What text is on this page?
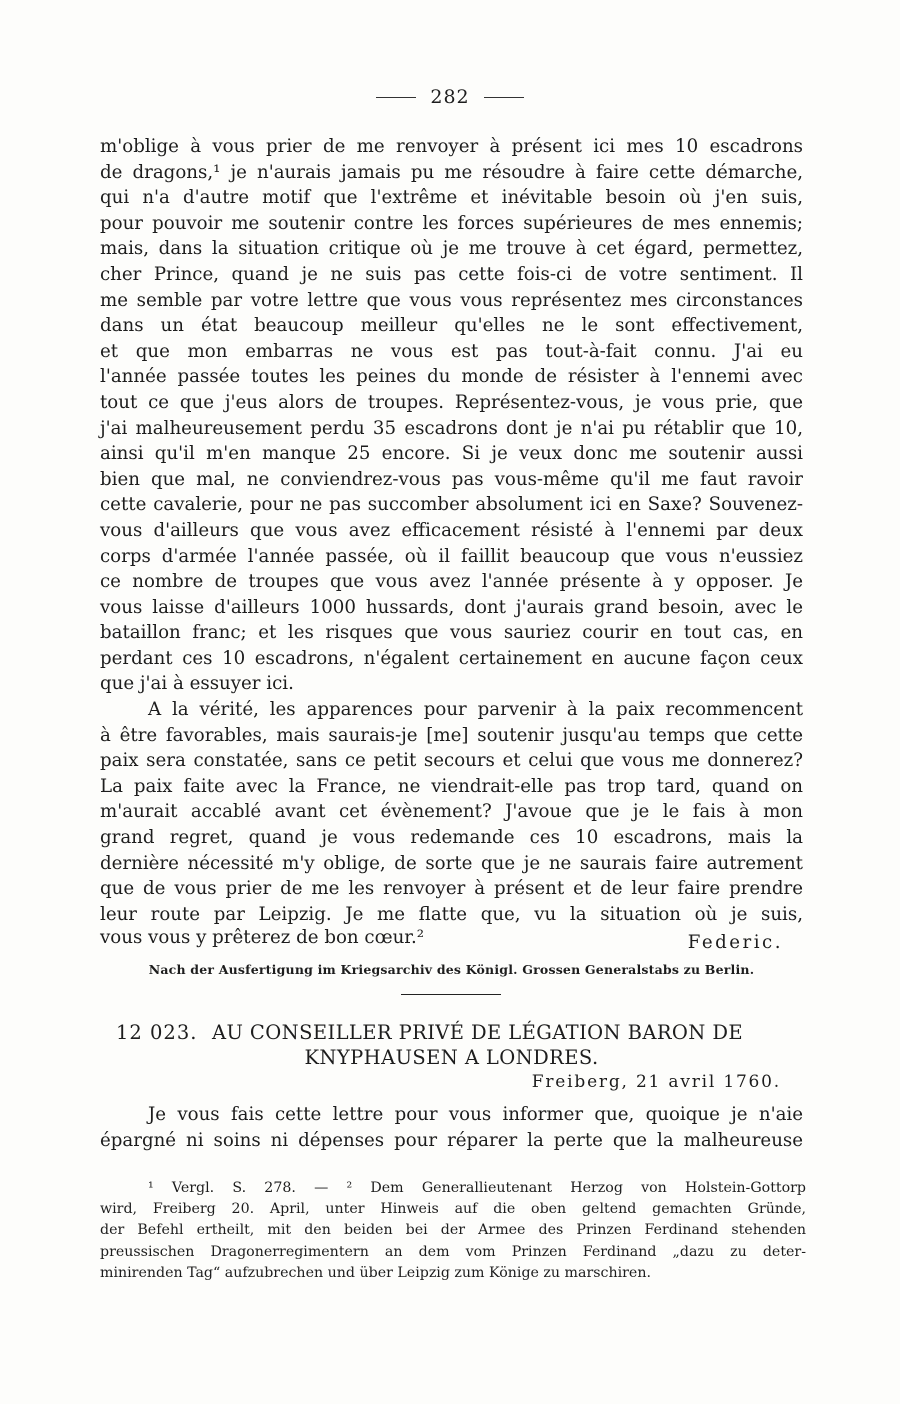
282
m'oblige à vous prier de me renvoyer à présent ici mes 10 escadrons
de dragons,¹ je n'aurais jamais pu me résoudre à faire cette démarche,
qui n'a d'autre motif que l'extrême et inévitable besoin où j'en suis,
pour pouvoir me soutenir contre les forces supérieures de mes ennemis;
mais, dans la situation critique où je me trouve à cet égard, permettez,
cher Prince, quand je ne suis pas cette fois-ci de votre sentiment. Il
me semble par votre lettre que vous vous représentez mes circonstances
dans un état beaucoup meilleur qu'elles ne le sont effectivement,
et que mon embarras ne vous est pas tout-à-fait connu. J'ai eu
l'année passée toutes les peines du monde de résister à l'ennemi avec
tout ce que j'eus alors de troupes. Représentez-vous, je vous prie, que
j'ai malheureusement perdu 35 escadrons dont je n'ai pu rétablir que 10,
ainsi qu'il m'en manque 25 encore. Si je veux donc me soutenir aussi
bien que mal, ne conviendrez-vous pas vous-même qu'il me faut ravoir
cette cavalerie, pour ne pas succomber absolument ici en Saxe? Souvenez-
vous d'ailleurs que vous avez efficacement résisté à l'ennemi par deux
corps d'armée l'année passée, où il faillit beaucoup que vous n'eussiez
ce nombre de troupes que vous avez l'année présente à y opposer. Je
vous laisse d'ailleurs 1000 hussards, dont j'aurais grand besoin, avec le
bataillon franc; et les risques que vous sauriez courir en tout cas, en
perdant ces 10 escadrons, n'égalent certainement en aucune façon ceux
que j'ai à essuyer ici.
A la vérité, les apparences pour parvenir à la paix recommencent
à être favorables, mais saurais-je [me] soutenir jusqu'au temps que cette
paix sera constatée, sans ce petit secours et celui que vous me donnerez?
La paix faite avec la France, ne viendrait-elle pas trop tard, quand on
m'aurait accablé avant cet évènement? J'avoue que je le fais à mon
grand regret, quand je vous redemande ces 10 escadrons, mais la
dernière nécessité m'y oblige, de sorte que je ne saurais faire autrement
que de vous prier de me les renvoyer à présent et de leur faire prendre
leur route par Leipzig. Je me flatte que, vu la situation où je suis,
vous vous y prêterez de bon cœur.²	Federic.
Nach der Ausfertigung im Kriegsarchiv des Königl. Grossen Generalstabs zu Berlin.
12 023. AU CONSEILLER PRIVÉ DE LÉGATION BARON DE
KNYPHAUSEN A LONDRES.
Freiberg, 21 avril 1760.
Je vous fais cette lettre pour vous informer que, quoique je n'aie
épargné ni soins ni dépenses pour réparer la perte que la malheureuse
¹ Vergl. S. 278. — ² Dem Generallieutenant Herzog von Holstein-Gottorp
wird, Freiberg 20. April, unter Hinweis auf die oben geltend gemachten Gründe,
der Befehl ertheilt, mit den beiden bei der Armee des Prinzen Ferdinand stehenden
preussischen Dragonerregimentern an dem vom Prinzen Ferdinand „dazu zu deter-
minirenden Tag“ aufzubrechen und über Leipzig zum Könige zu marschiren.
